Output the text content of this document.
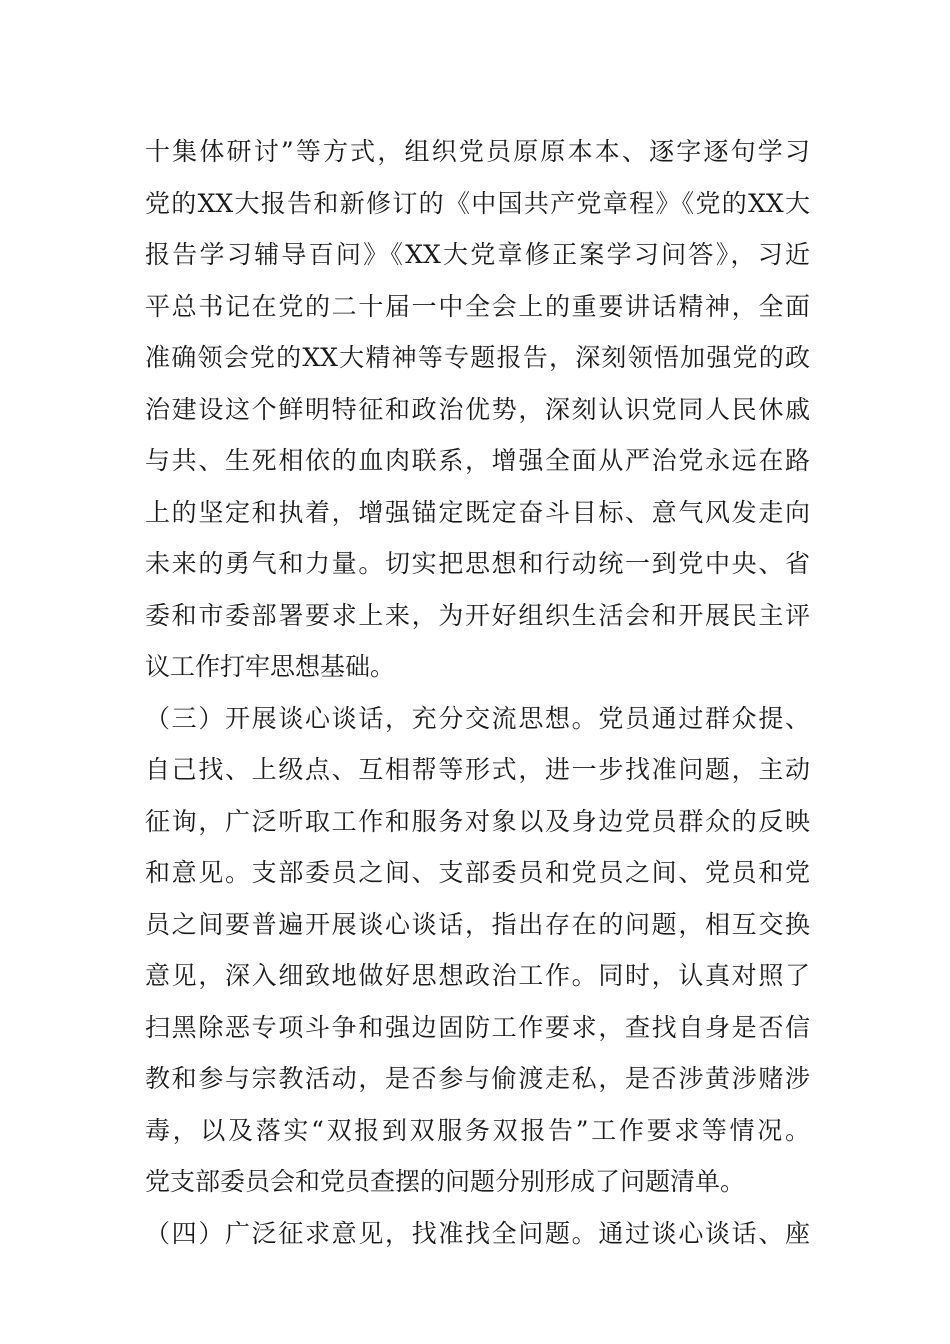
十集体研讨”等方式，组织党员原原本本、逐字逐句学习
党的XX大报告和新修订的《中国共产党章程》《党的XX大
报告学习辅导百问》《XX大党章修正案学习问答》，习近
平总书记在党的二十届一中全会上的重要讲话精神，全面
准确领会党的XX大精神等专题报告，深刻领悟加强党的政
治建设这个鲜明特征和政治优势，深刻认识党同人民休戚
与共、生死相依的血肉联系，增强全面从严治党永远在路
上的坚定和执着，增强锚定既定奋斗目标、意气风发走向
未来的勇气和力量。切实把思想和行动统一到党中央、省
委和市委部署要求上来，为开好组织生活会和开展民主评
议工作打牢思想基础。
（三）开展谈心谈话，充分交流思想。党员通过群众提、
自己找、上级点、互相帮等形式，进一步找准问题，主动
征询，广泛听取工作和服务对象以及身边党员群众的反映
和意见。支部委员之间、支部委员和党员之间、党员和党
员之间要普遍开展谈心谈话，指出存在的问题，相互交换
意见，深入细致地做好思想政治工作。同时，认真对照了
扫黑除恶专项斗争和强边固防工作要求，查找自身是否信
教和参与宗教活动，是否参与偷渡走私，是否涉黄涉赌涉
毒，以及落实“双报到双服务双报告”工作要求等情况。
党支部委员会和党员查摆的问题分别形成了问题清单。
（四）广泛征求意见，找准找全问题。通过谈心谈话、座
